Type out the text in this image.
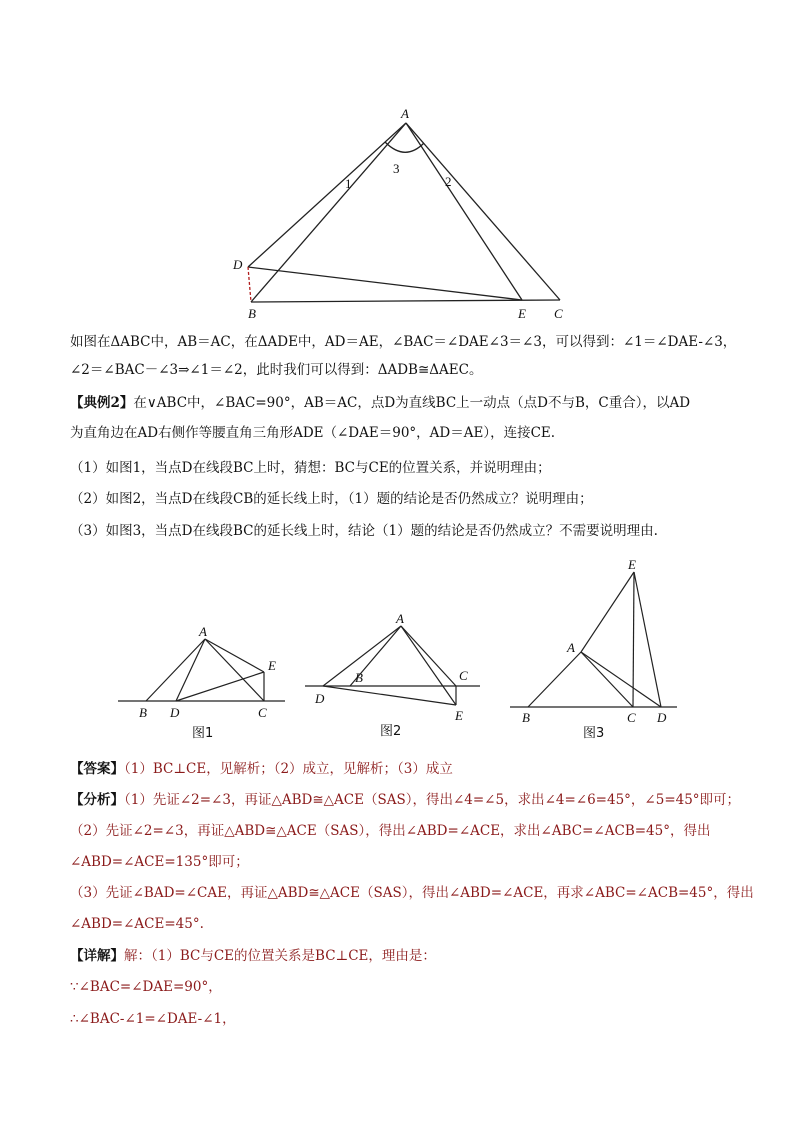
A
D
B	E C
1
3
2
如图在ΔABC中，AB＝AC，在ΔADE中，AD＝AE，∠BAC＝∠DAE∠3＝∠3，可以得到：∠1＝∠DAE-∠3，
∠2＝∠BAC－∠3⇒∠1＝∠2，此时我们可以得到：ΔADB≅ΔAEC。
【典例2】在∨ABC中，∠BAC=90°，AB＝AC，点D为直线BC上一动点（点D不与B，C重合），以AD
为直角边在AD右侧作等腰直角三角形ADE（∠DAE＝90°，AD＝AE），连接CE.
（1）如图1，当点D在线段BC上时，猜想：BC与CE的位置关系，并说明理由；
（2）如图2，当点D在线段CB的延长线上时，（1）题的结论是否仍然成立？说明理由；
（3）如图3，当点D在线段BC的延长线上时，结论（1）题的结论是否仍然成立？不需要说明理由.
A
E
B D	C
图1
A
B	C
D
E
图2
E
A
B	C D
图3
【答案】（1）BC⊥CE，见解析；（2）成立，见解析；（3）成立
【分析】（1）先证∠2=∠3，再证△ABD≅△ACE（SAS），得出∠4=∠5，求出∠4=∠6=45°，∠5=45°即可；
（2）先证∠2=∠3，再证△ABD≅△ACE（SAS），得出∠ABD=∠ACE，求出∠ABC=∠ACB=45°，得出
∠ABD=∠ACE=135°即可；
（3）先证∠BAD=∠CAE，再证△ABD≅△ACE（SAS），得出∠ABD=∠ACE，再求∠ABC=∠ACB=45°，得出
∠ABD=∠ACE=45°.
【详解】解：（1）BC与CE的位置关系是BC⊥CE，理由是：
∵∠BAC=∠DAE=90°，
∴∠BAC-∠1=∠DAE-∠1，
